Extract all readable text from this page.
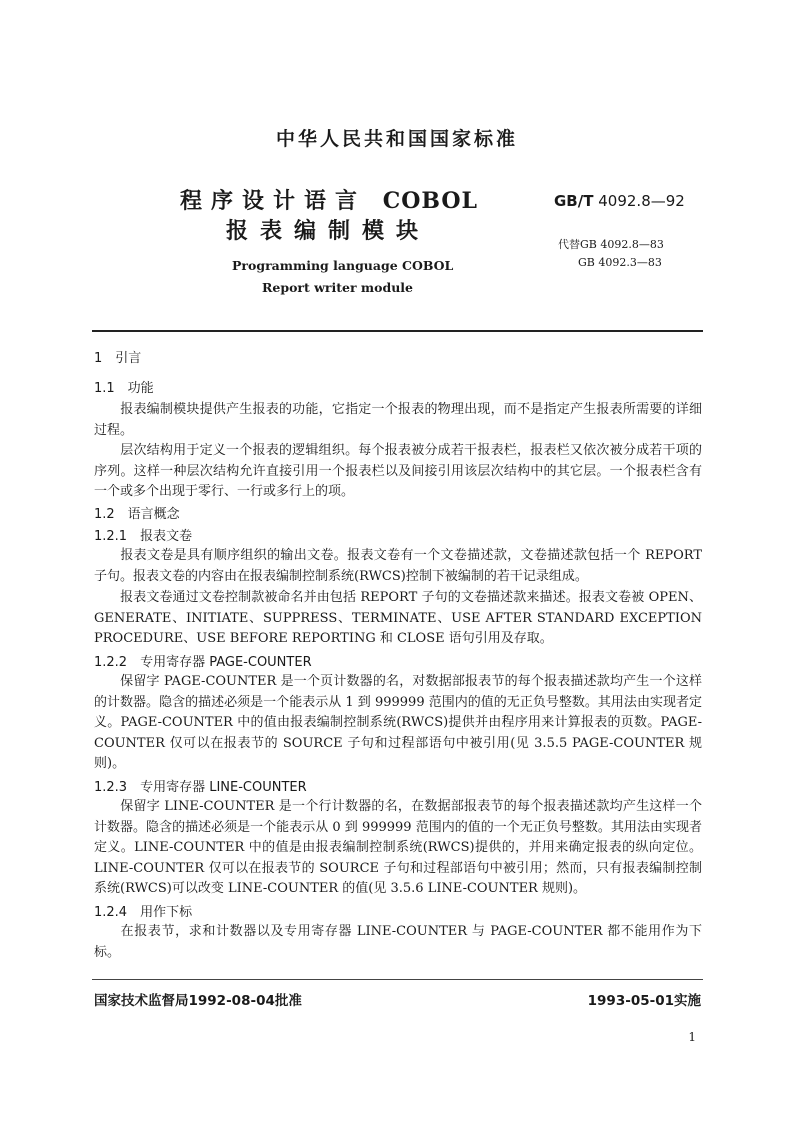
中华人民共和国国家标准
程序设计语言 COBOL
报表编制模块
Programming language COBOL
Report writer module
GB/T 4092.8—92
代替GB 4092.8—83
GB 4092.3—83
1　引言
1.1　功能
报表编制模块提供产生报表的功能，它指定一个报表的物理出现，而不是指定产生报表所需要的详细过程。
层次结构用于定义一个报表的逻辑组织。每个报表被分成若干报表栏，报表栏又依次被分成若干项的序列。这样一种层次结构允许直接引用一个报表栏以及间接引用该层次结构中的其它层。一个报表栏含有一个或多个出现于零行、一行或多行上的项。
1.2　语言概念
1.2.1　报表文卷
报表文卷是具有顺序组织的输出文卷。报表文卷有一个文卷描述款，文卷描述款包括一个 REPORT 子句。报表文卷的内容由在报表编制控制系统(RWCS)控制下被编制的若干记录组成。
报表文卷通过文卷控制款被命名并由包括 REPORT 子句的文卷描述款来描述。报表文卷被 OPEN、GENERATE、INITIATE、SUPPRESS、TERMINATE、USE AFTER STANDARD EXCEPTION PROCEDURE、USE BEFORE REPORTING 和 CLOSE 语句引用及存取。
1.2.2　专用寄存器 PAGE-COUNTER
保留字 PAGE-COUNTER 是一个页计数器的名，对数据部报表节的每个报表描述款均产生一个这样的计数器。隐含的描述必须是一个能表示从 1 到 999999 范围内的值的无正负号整数。其用法由实现者定义。PAGE-COUNTER 中的值由报表编制控制系统(RWCS)提供并由程序用来计算报表的页数。PAGE-COUNTER 仅可以在报表节的 SOURCE 子句和过程部语句中被引用(见 3.5.5 PAGE-COUNTER 规则)。
1.2.3　专用寄存器 LINE-COUNTER
保留字 LINE-COUNTER 是一个行计数器的名，在数据部报表节的每个报表描述款均产生这样一个计数器。隐含的描述必须是一个能表示从 0 到 999999 范围内的值的一个无正负号整数。其用法由实现者定义。LINE-COUNTER 中的值是由报表编制控制系统(RWCS)提供的，并用来确定报表的纵向定位。LINE-COUNTER 仅可以在报表节的 SOURCE 子句和过程部语句中被引用；然而，只有报表编制控制系统(RWCS)可以改变 LINE-COUNTER 的值(见 3.5.6 LINE-COUNTER 规则)。
1.2.4　用作下标
在报表节，求和计数器以及专用寄存器 LINE-COUNTER 与 PAGE-COUNTER 都不能用作为下标。
国家技术监督局1992-08-04批准	1993-05-01实施
1
